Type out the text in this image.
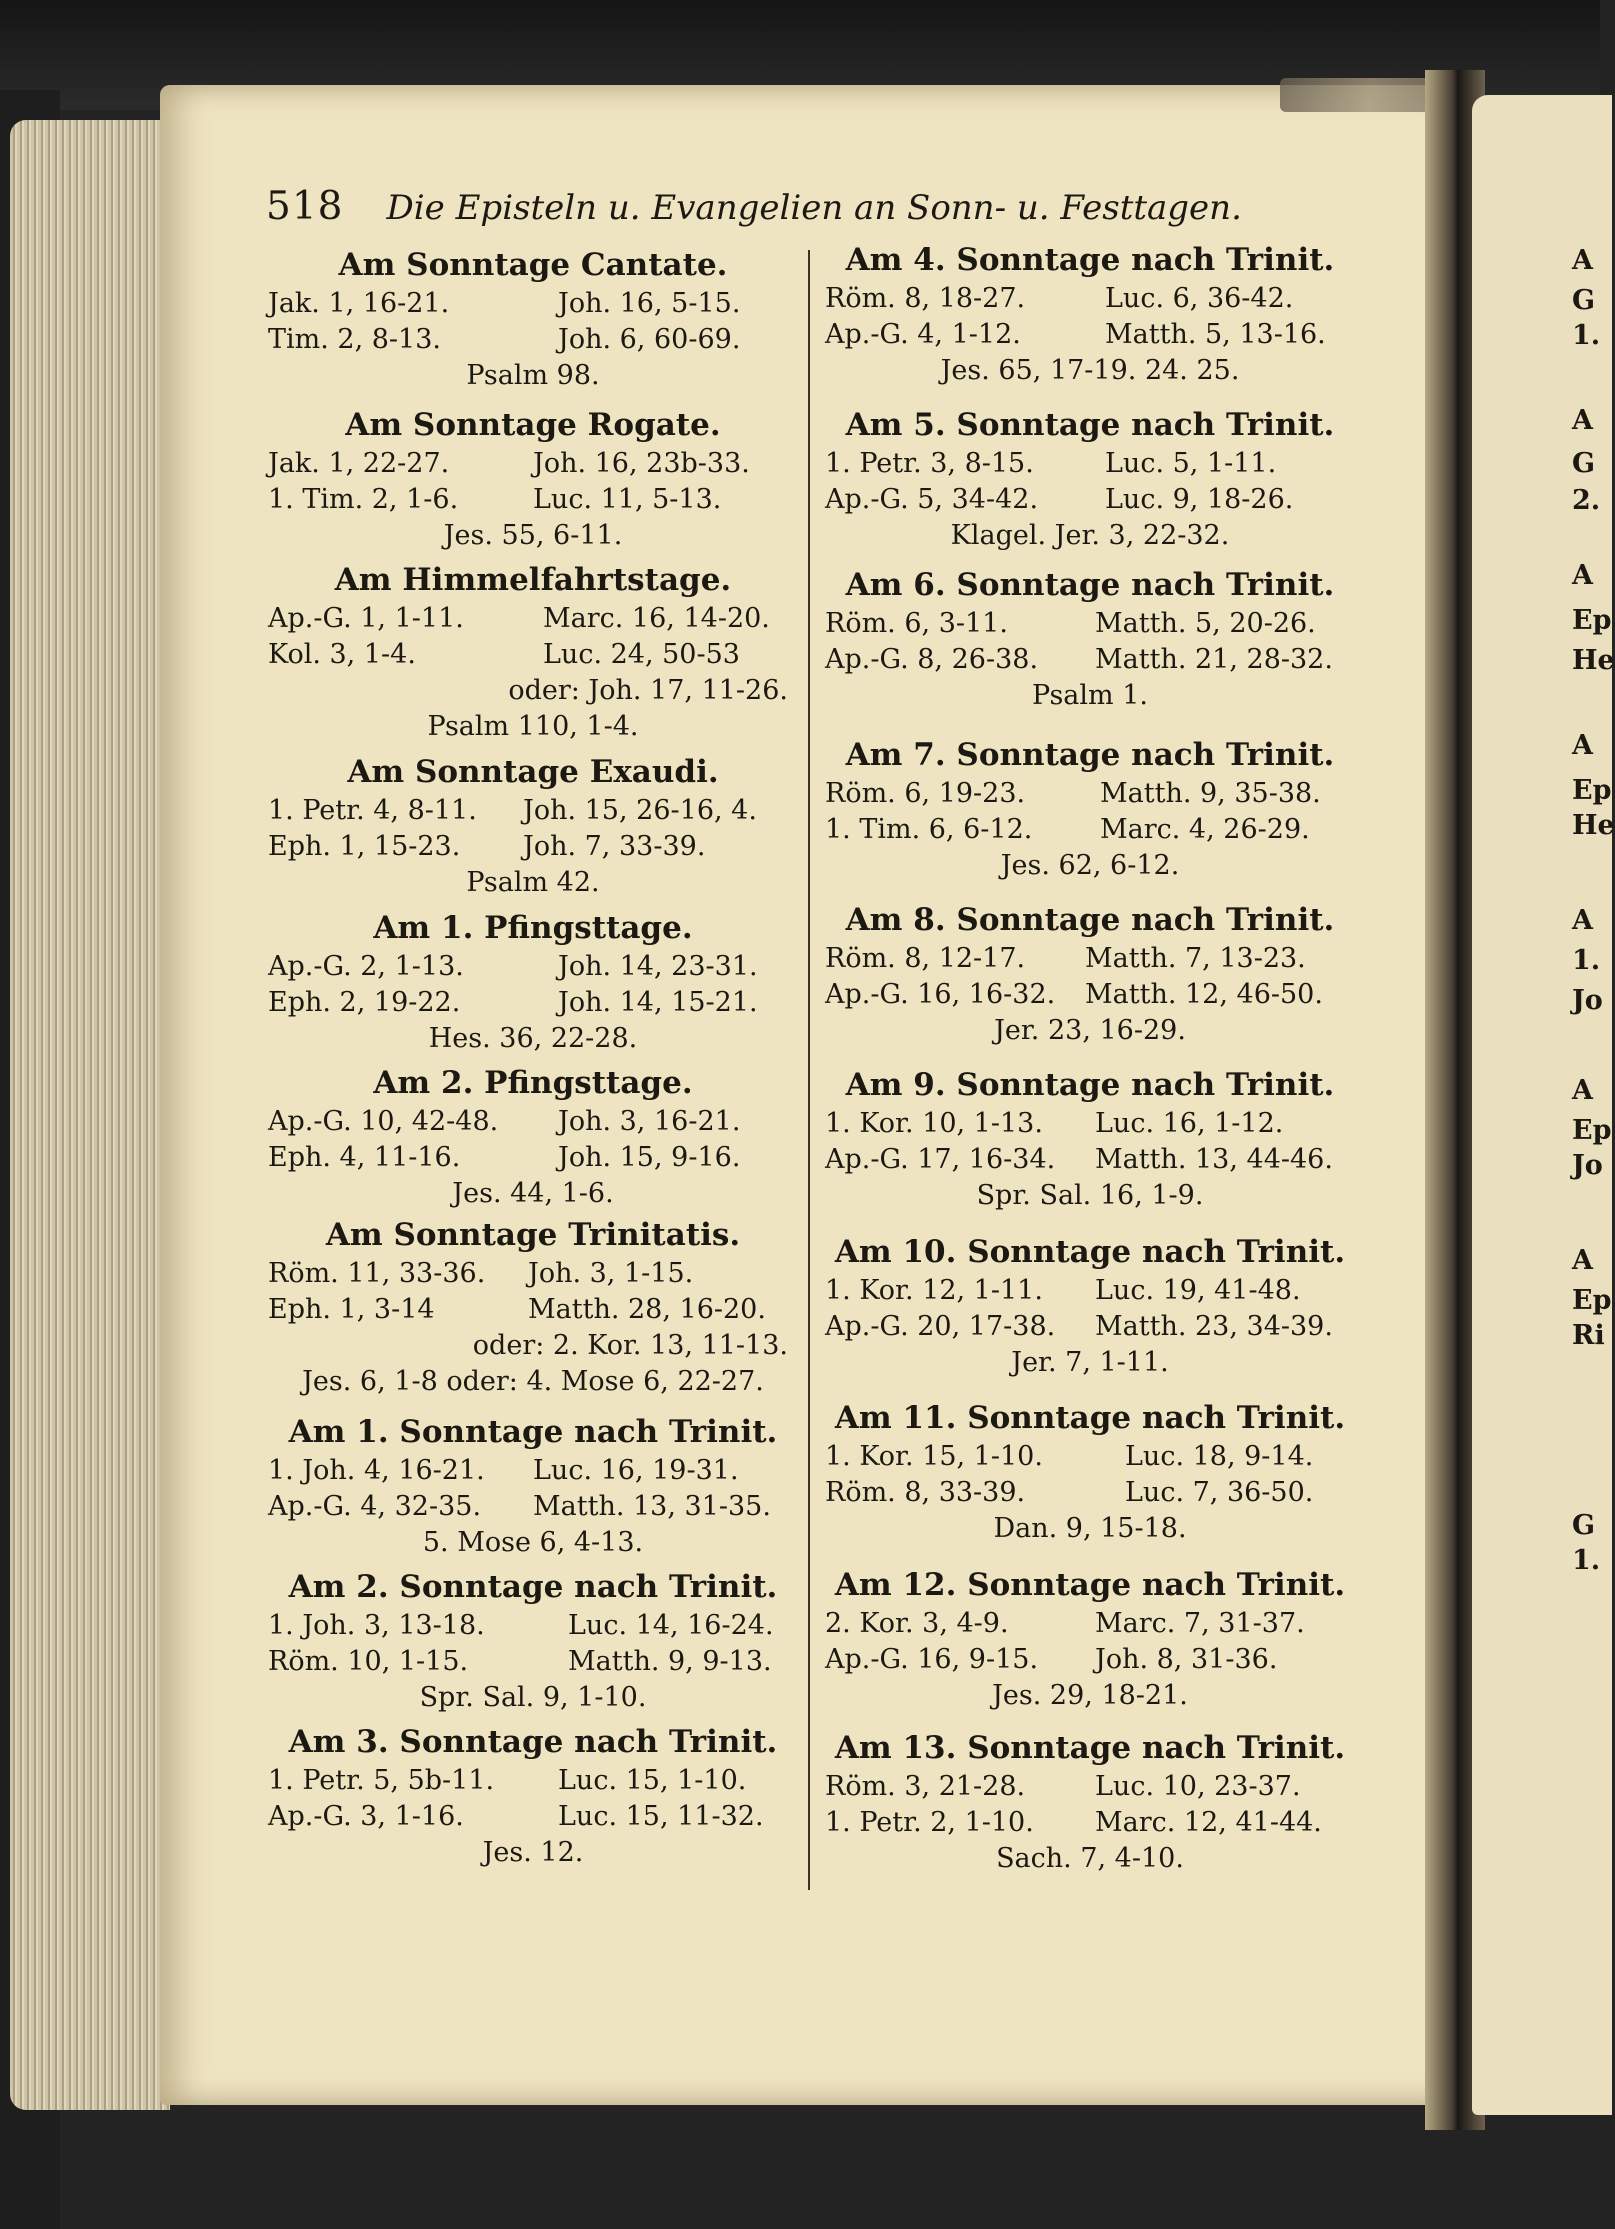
518 Die Episteln u. Evangelien an Sonn- u. Festtagen.
Am Sonntage Cantate.
Jak. 1, 16-21.	Joh. 16, 5-15.
Tim. 2, 8-13.	Joh. 6, 60-69.
Psalm 98.
Am Sonntage Rogate.
Jak. 1, 22-27.	Joh. 16, 23b-33.
1. Tim. 2, 1-6.	Luc. 11, 5-13.
Jes. 55, 6-11.
Am Himmelfahrtstage.
Ap.-G. 1, 1-11.	Marc. 16, 14-20.
Kol. 3, 1-4.	Luc. 24, 50-53
oder: Joh. 17, 11-26.
Psalm 110, 1-4.
Am Sonntage Exaudi.
1. Petr. 4, 8-11. Joh. 15, 26-16, 4.
Eph. 1, 15-23. Joh. 7, 33-39.
Psalm 42.
Am 1. Pfingsttage.
Ap.-G. 2, 1-13.	Joh. 14, 23-31.
Eph. 2, 19-22.	Joh. 14, 15-21.
Hes. 36, 22-28.
Am 2. Pfingsttage.
Ap.-G. 10, 42-48. Joh. 3, 16-21.
Eph. 4, 11-16.	Joh. 15, 9-16.
Jes. 44, 1-6.
Am Sonntage Trinitatis.
Röm. 11, 33-36. Joh. 3, 1-15.
Eph. 1, 3-14	Matth. 28, 16-20.
oder: 2. Kor. 13, 11-13.
Jes. 6, 1-8 oder: 4. Mose 6, 22-27.
Am 1. Sonntage nach Trinit.
1. Joh. 4, 16-21. Luc. 16, 19-31.
Ap.-G. 4, 32-35. Matth. 13, 31-35.
5. Mose 6, 4-13.
Am 2. Sonntage nach Trinit.
1. Joh. 3, 13-18.	Luc. 14, 16-24.
Röm. 10, 1-15.	Matth. 9, 9-13.
Spr. Sal. 9, 1-10.
Am 3. Sonntage nach Trinit.
1. Petr. 5, 5b-11. Luc. 15, 1-10.
Ap.-G. 3, 1-16.	Luc. 15, 11-32.
Jes. 12.
Am 4. Sonntage nach Trinit.
Röm. 8, 18-27.	Luc. 6, 36-42.
Ap.-G. 4, 1-12.	Matth. 5, 13-16.
Jes. 65, 17-19. 24. 25.
Am 5. Sonntage nach Trinit.
1. Petr. 3, 8-15.	Luc. 5, 1-11.
Ap.-G. 5, 34-42. Luc. 9, 18-26.
Klagel. Jer. 3, 22-32.
Am 6. Sonntage nach Trinit.
Röm. 6, 3-11.	Matth. 5, 20-26.
Ap.-G. 8, 26-38. Matth. 21, 28-32.
Psalm 1.
Am 7. Sonntage nach Trinit.
Röm. 6, 19-23.	Matth. 9, 35-38.
1. Tim. 6, 6-12.	Marc. 4, 26-29.
Jes. 62, 6-12.
Am 8. Sonntage nach Trinit.
Röm. 8, 12-17. Matth. 7, 13-23.
Ap.-G. 16, 16-32. Matth. 12, 46-50.
Jer. 23, 16-29.
Am 9. Sonntage nach Trinit.
1. Kor. 10, 1-13. Luc. 16, 1-12.
Ap.-G. 17, 16-34. Matth. 13, 44-46.
Spr. Sal. 16, 1-9.
Am 10. Sonntage nach Trinit.
1. Kor. 12, 1-11. Luc. 19, 41-48.
Ap.-G. 20, 17-38. Matth. 23, 34-39.
Jer. 7, 1-11.
Am 11. Sonntage nach Trinit.
1. Kor. 15, 1-10.	Luc. 18, 9-14.
Röm. 8, 33-39.	Luc. 7, 36-50.
Dan. 9, 15-18.
Am 12. Sonntage nach Trinit.
2. Kor. 3, 4-9.	Marc. 7, 31-37.
Ap.-G. 16, 9-15. Joh. 8, 31-36.
Jes. 29, 18-21.
Am 13. Sonntage nach Trinit.
Röm. 3, 21-28.	Luc. 10, 23-37.
1. Petr. 2, 1-10. Marc. 12, 41-44.
Sach. 7, 4-10.
A
G
1.
A
G
2.
A
Ep
He
A
Ep
He
A
1.
Jo
A
Ep
Jo
A
Ep
Ri
G
1.
